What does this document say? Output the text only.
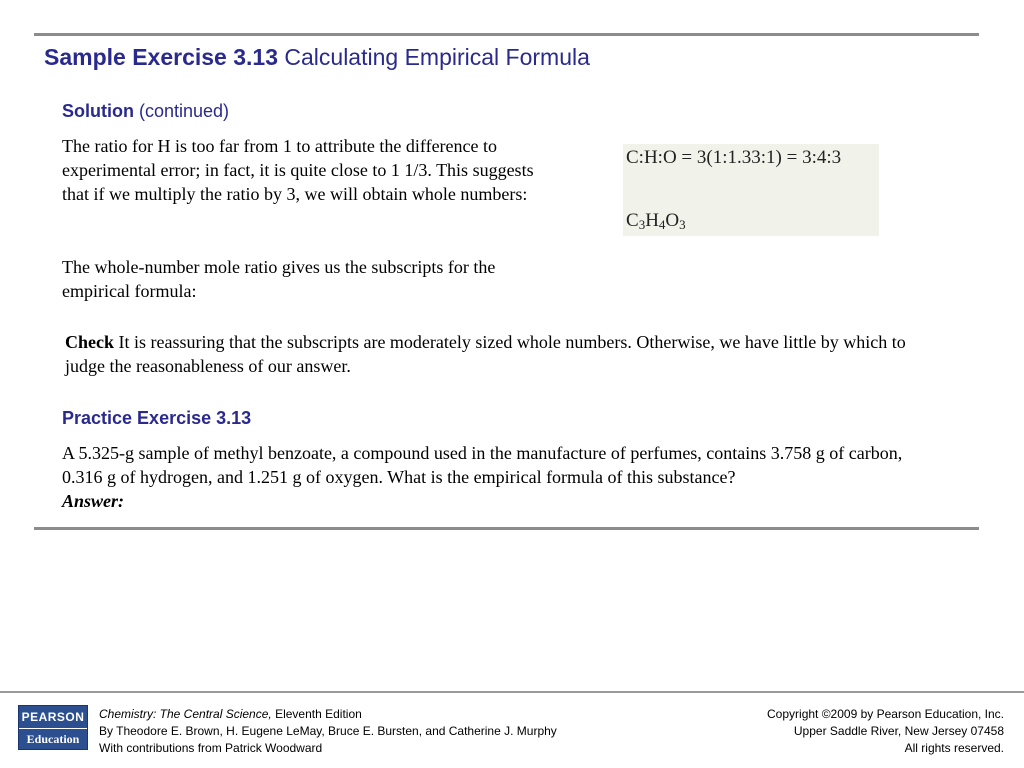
Sample Exercise 3.13 Calculating Empirical Formula
Solution (continued)
The ratio for H is too far from 1 to attribute the difference to experimental error; in fact, it is quite close to 1 1/3. This suggests that if we multiply the ratio by 3, we will obtain whole numbers:
The whole-number mole ratio gives us the subscripts for the empirical formula:
C:H:O = 3(1:1.33:1) = 3:4:3
$C_3H_4O_3$
Check It is reassuring that the subscripts are moderately sized whole numbers. Otherwise, we have little by which to judge the reasonableness of our answer.
Practice Exercise 3.13
A 5.325-g sample of methyl benzoate, a compound used in the manufacture of perfumes, contains 3.758 g of carbon, 0.316 g of hydrogen, and 1.251 g of oxygen. What is the empirical formula of this substance?
Answer:
PEARSON
Education
Chemistry: The Central Science, Eleventh Edition
By Theodore E. Brown, H. Eugene LeMay, Bruce E. Bursten, and Catherine J. Murphy
With contributions from Patrick Woodward
Copyright ©2009 by Pearson Education, Inc.
Upper Saddle River, New Jersey 07458
All rights reserved.
